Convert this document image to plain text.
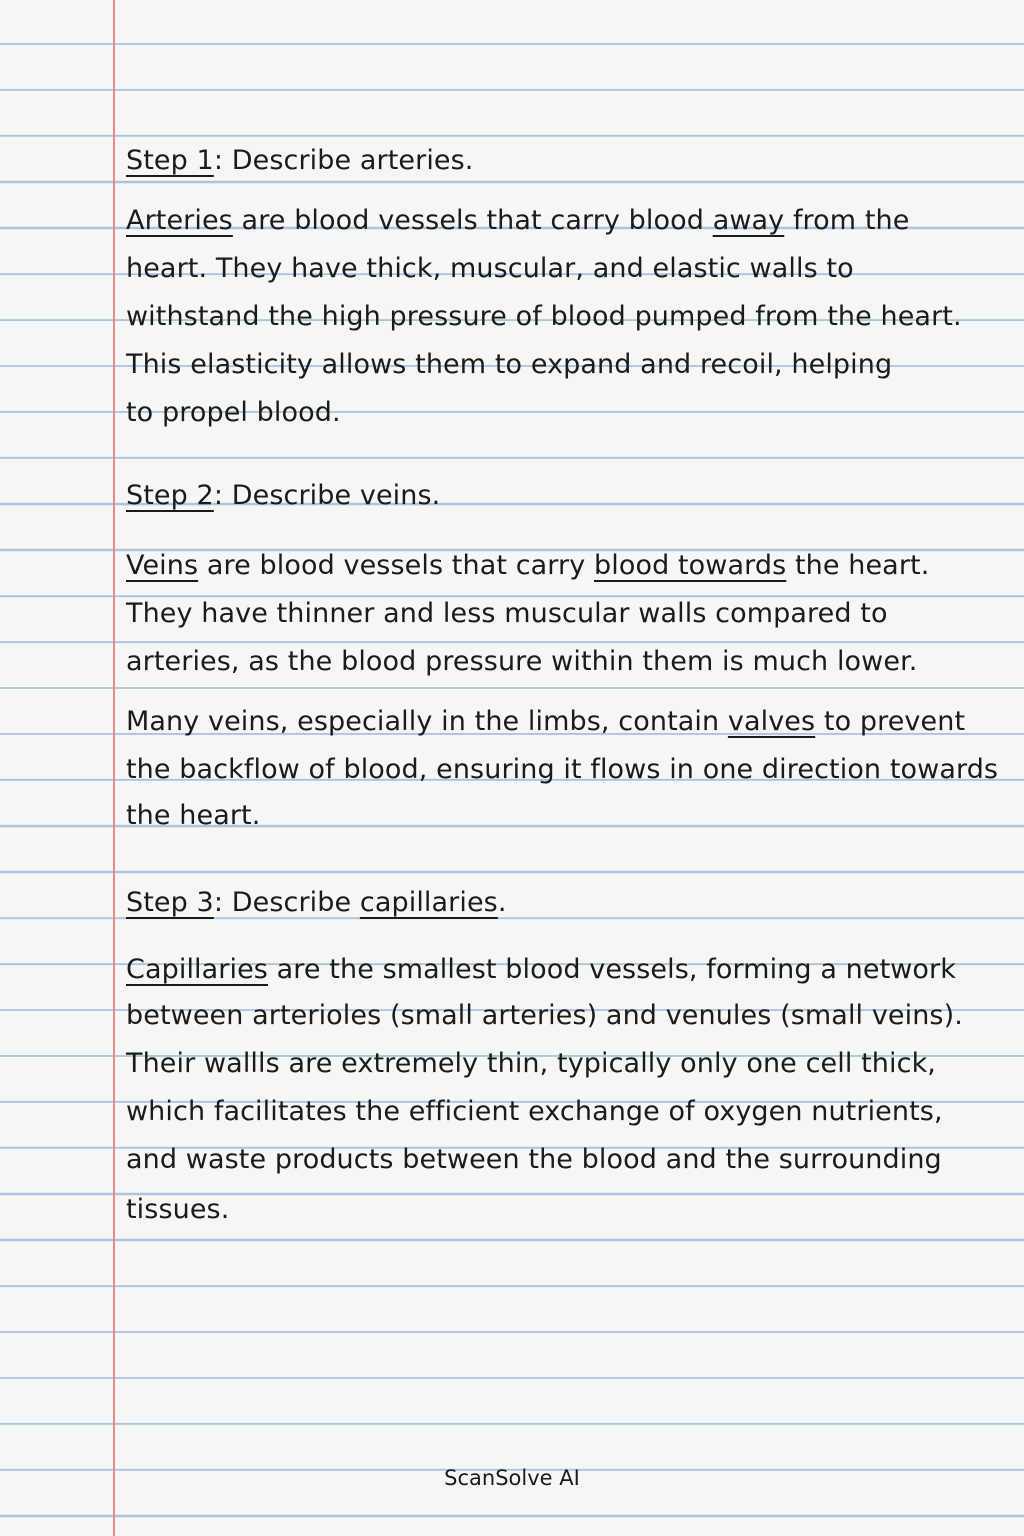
Step 1: Describe arteries.
Arteries are blood vessels that carry blood away from the
heart. They have thick, muscular, and elastic walls to
withstand the high pressure of blood pumped from the heart.
This elasticity allows them to expand and recoil, helping
to propel blood.
Step 2: Describe veins.
Veins are blood vessels that carry blood towards the heart.
They have thinner and less muscular walls compared to
arteries, as the blood pressure within them is much lower.
Many veins, especially in the limbs, contain valves to prevent
the backflow of blood, ensuring it flows in one direction towards
the heart.
Step 3: Describe capillaries.
Capillaries are the smallest blood vessels, forming a network
between arterioles (small arteries) and venules (small veins).
Their wallls are extremely thin, typically only one cell thick,
which facilitates the efficient exchange of oxygen nutrients,
and waste products between the blood and the surrounding
tissues.
ScanSolve AI
